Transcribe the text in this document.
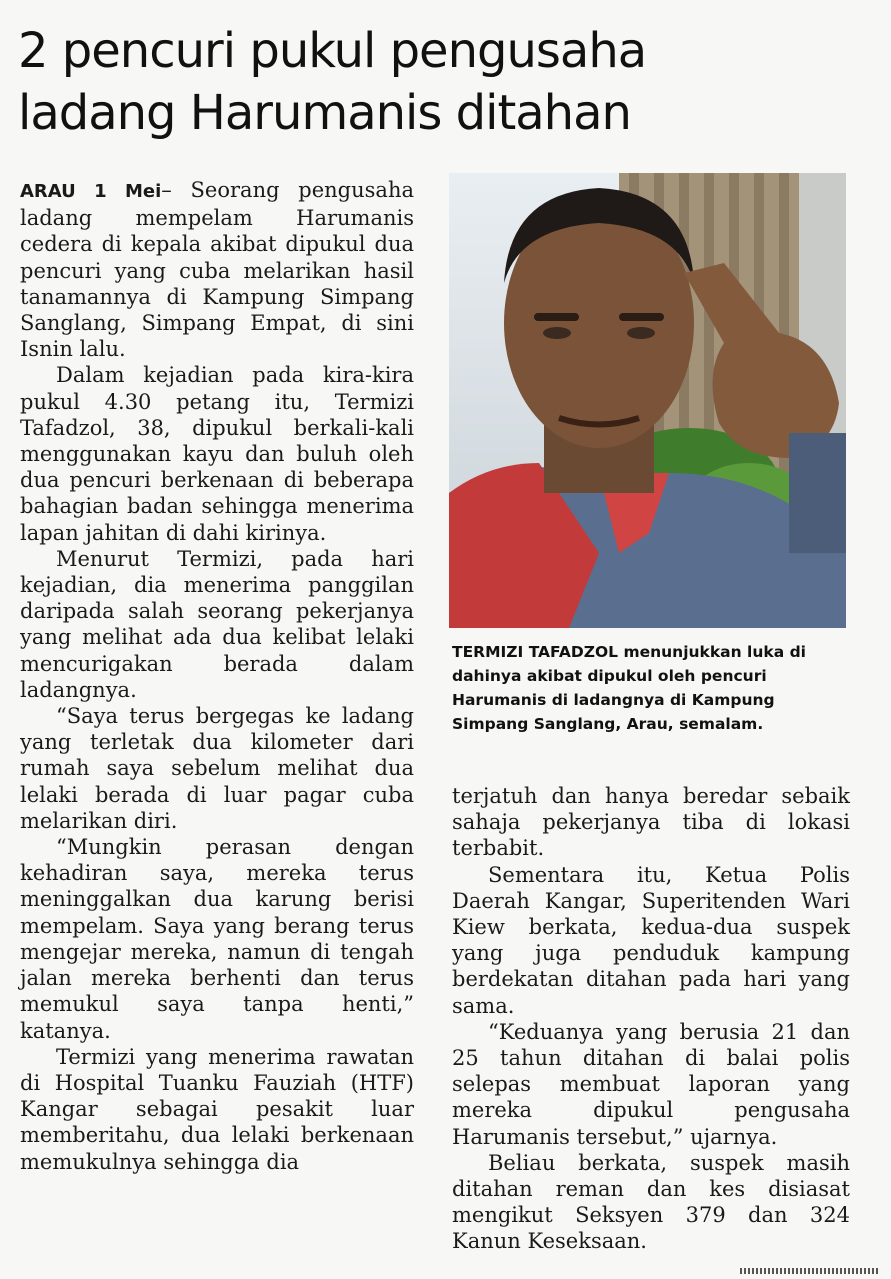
2 pencuri pukul pengusaha
ladang Harumanis ditahan

ARAU 1 Mei– Seorang pengusaha ladang mempelam Harumanis cedera di kepala akibat dipukul dua pencuri yang cuba melarikan hasil tanamannya di Kampung Simpang Sanglang, Simpang Empat, di sini Isnin lalu.

Dalam kejadian pada kira-kira pukul 4.30 petang itu, Termizi Tafadzol, 38, dipukul berkali-kali menggunakan kayu dan buluh oleh dua pencuri berkenaan di beberapa bahagian badan sehingga menerima lapan jahitan di dahi kirinya.

Menurut Termizi, pada hari kejadian, dia menerima panggilan daripada salah seorang pekerjanya yang melihat ada dua kelibat lelaki mencurigakan berada dalam ladangnya.

“Saya terus bergegas ke ladang yang terletak dua kilometer dari rumah saya sebelum melihat dua lelaki berada di luar pagar cuba melarikan diri.

“Mungkin perasan dengan kehadiran saya, mereka terus meninggalkan dua karung berisi mempelam. Saya yang berang terus mengejar mereka, namun di tengah jalan mereka berhenti dan terus memukul saya tanpa henti,” katanya.

Termizi yang menerima rawatan di Hospital Tuanku Fauziah (HTF) Kangar sebagai pesakit luar memberitahu, dua lelaki berkenaan memukulnya sehingga dia

TERMIZI TAFADZOL menunjukkan luka di dahinya akibat dipukul oleh pencuri Harumanis di ladangnya di Kampung Simpang Sanglang, Arau, semalam.

terjatuh dan hanya beredar sebaik sahaja pekerjanya tiba di lokasi terbabit.

Sementara itu, Ketua Polis Daerah Kangar, Superitenden Wari Kiew berkata, kedua-dua suspek yang juga penduduk kampung berdekatan ditahan pada hari yang sama.

“Keduanya yang berusia 21 dan 25 tahun ditahan di balai polis selepas membuat laporan yang mereka dipukul pengusaha Harumanis tersebut,” ujarnya.

Beliau berkata, suspek masih ditahan reman dan kes disiasat mengikut Seksyen 379 dan 324 Kanun Keseksaan.
